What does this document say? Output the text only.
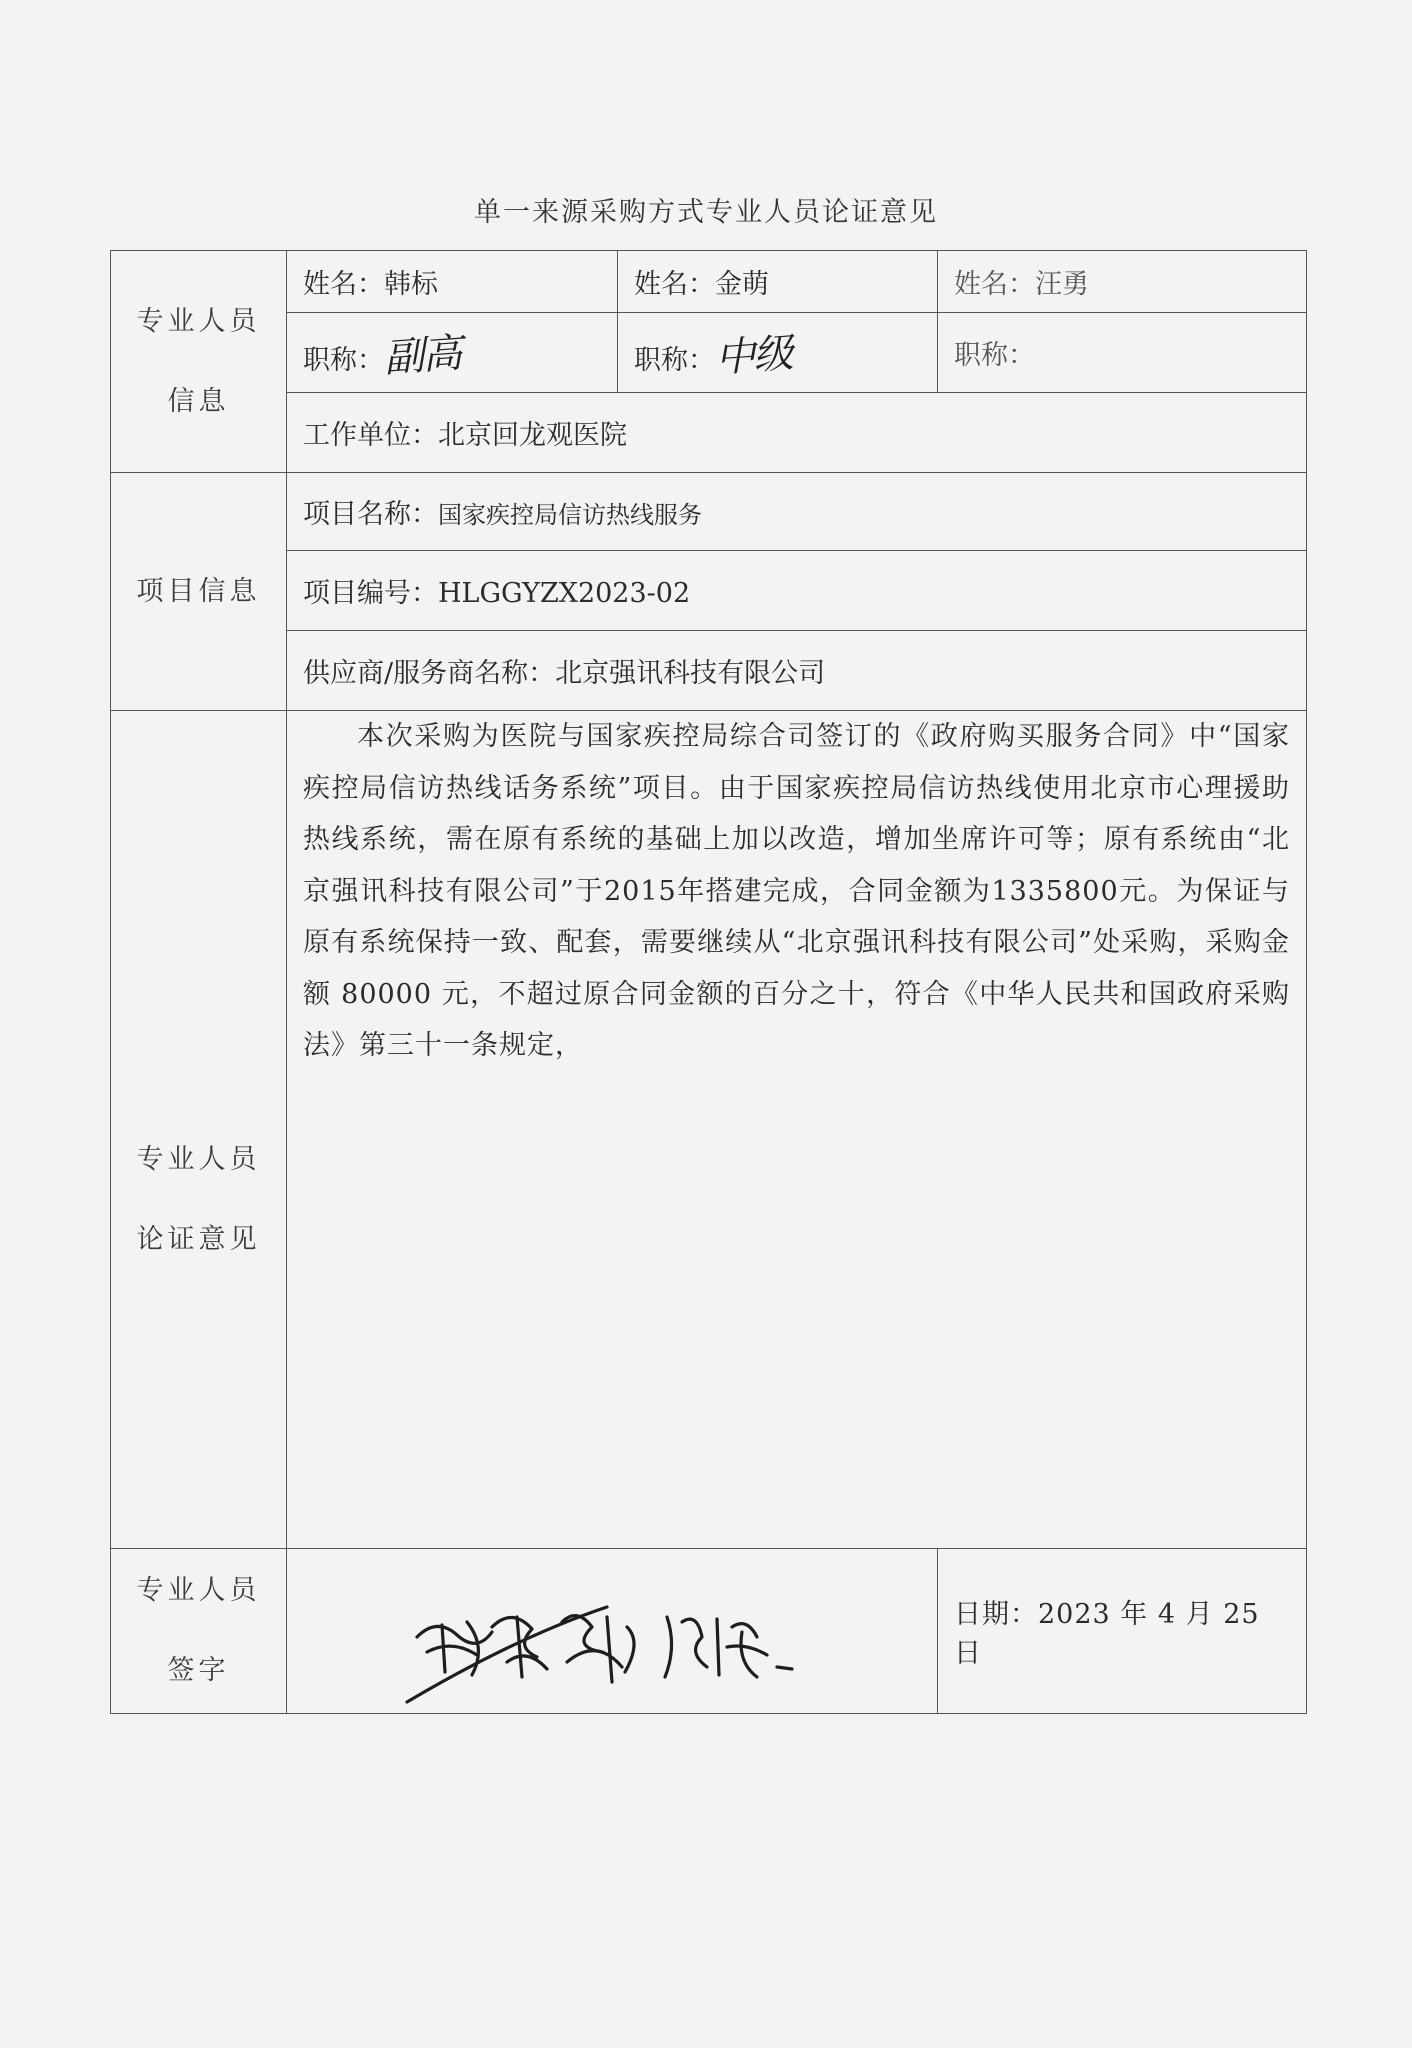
单一来源采购方式专业人员论证意见
专业人员
信息	姓名：韩标	姓名：金萌	姓名：汪勇
	职称：副高	职称：中级	职称：
	工作单位：北京回龙观医院		
项目信息	项目名称：国家疾控局信访热线服务		
	项目编号：HLGGYZX2023-02		
	供应商/服务商名称：北京强讯科技有限公司		

专业人员
论证意见	本次采购为医院与国家疾控局综合司签订的《政府购买服务合同》中“国家疾控局信访热线话务系统”项目。由于国家疾控局信访热线使用北京市心理援助热线系统，需在原有系统的基础上加以改造，增加坐席许可等；原有系统由“北京强讯科技有限公司”于2015年搭建完成，合同金额为1335800元。为保证与原有系统保持一致、配套，需要继续从“北京强讯科技有限公司”处采购，采购金额 80000 元，不超过原合同金额的百分之十，符合《中华人民共和国政府采购法》第三十一条规定，		

专业人员
签字			日期：2023 年 4 月 25 日
